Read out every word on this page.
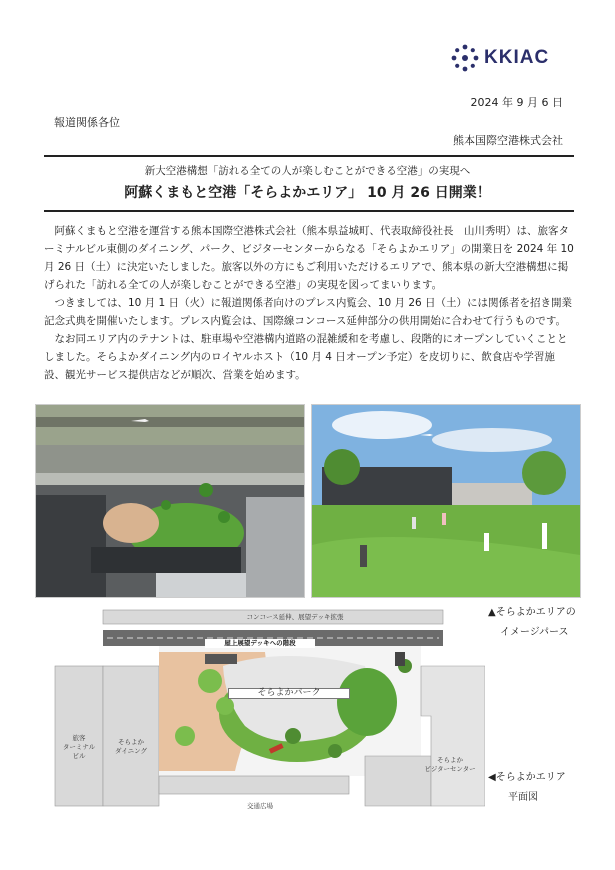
KKIAC
2024 年 9 月 6 日
報道関係各位
熊本国際空港株式会社
新大空港構想「訪れる全ての人が楽しむことができる空港」の実現へ
阿蘇くまもと空港「そらよかエリア」 10 月 26 日開業！

阿蘇くまもと空港を運営する熊本国際空港株式会社（熊本県益城町、代表取締役社長　山川秀明）は、旅客ターミナルビル東側のダイニング、パーク、ビジターセンターからなる「そらよかエリア」の開業日を 2024 年 10 月 26 日（土）に決定いたしました。旅客以外の方にもご利用いただけるエリアで、熊本県の新大空港構想に掲げられた「訪れる全ての人が楽しむことができる空港」の実現を図ってまいります。

つきましては、10 月 1 日（火）に報道関係者向けのプレス内覧会、10 月 26 日（土）には関係者を招き開業記念式典を開催いたします。プレス内覧会は、国際線コンコース延伸部分の供用開始に合わせて行うものです。

なお同エリア内のテナントは、駐車場や空港構内道路の混雑緩和を考慮し、段階的にオープンしていくこととしました。そらよかダイニング内のロイヤルホスト（10 月 4 日オープン予定）を皮切りに、飲食店や学習施設、観光サービス提供店などが順次、営業を始めます。

▲そらよかエリアの
イメージパース
◀そらよかエリア
平面図
コンコース延伸、展望デッキ拡張
屋上展望デッキへの階段
そらよかパーク
旅客
ターミナル
ビル
そらよか
ダイニング
そらよか
ビジターセンター
交通広場
